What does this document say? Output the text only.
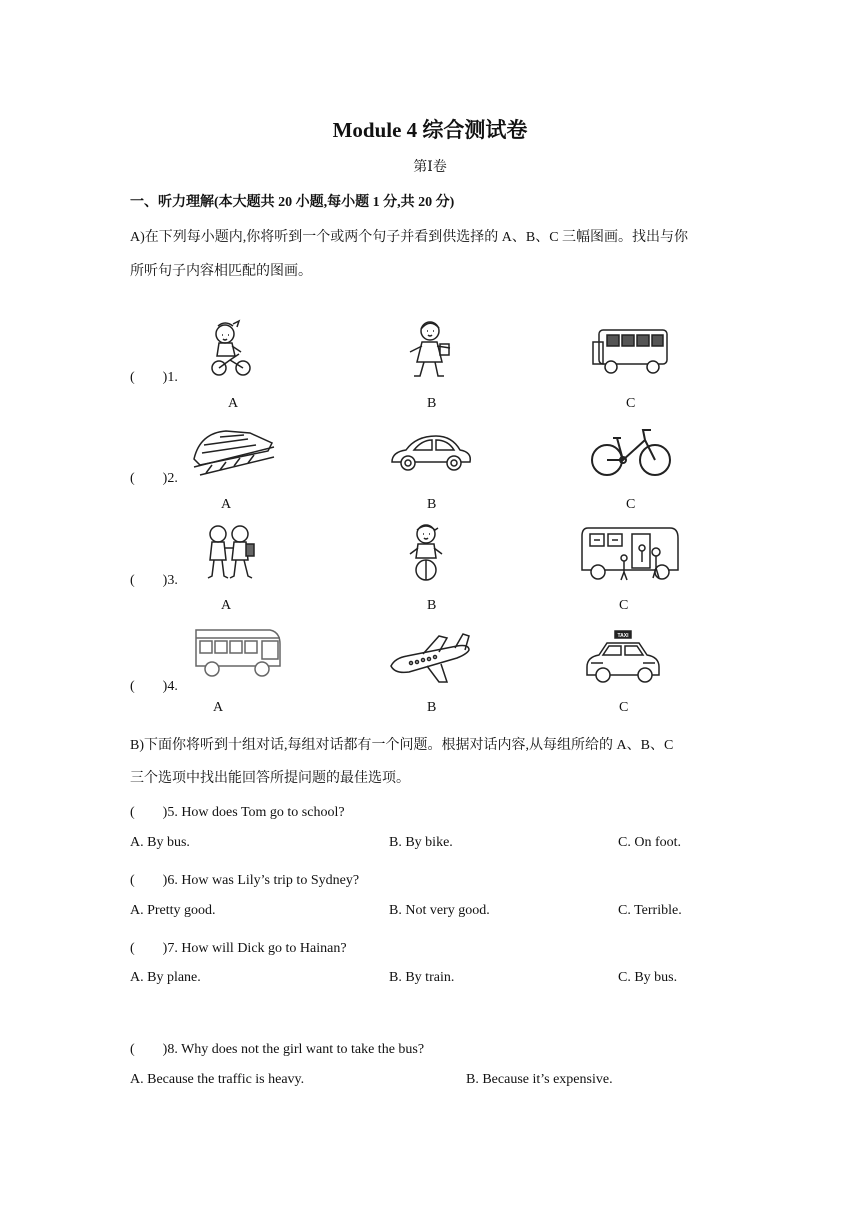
Module 4 综合测试卷
第Ⅰ卷
一、听力理解(本大题共 20 小题,每小题 1 分,共 20 分)
A)在下列每小题内,你将听到一个或两个句子并看到供选择的 A、B、C 三幅图画。找出与你
所听句子内容相匹配的图画。
(　　)1.
A	B	C
(　　)2.
A	B	C
(　　)3.
A	B	C
(　　)4.
TAXI
A	B	C
B)下面你将听到十组对话,每组对话都有一个问题。根据对话内容,从每组所给的 A、B、C
三个选项中找出能回答所提问题的最佳选项。
(　　)5. How does Tom go to school?
A. By bus.	B. By bike.	C. On foot.
(　　)6. How was Lily’s trip to Sydney?
A. Pretty good.	B. Not very good.	C. Terrible.
(　　)7. How will Dick go to Hainan?
A. By plane.	B. By train.	C. By bus.
(　　)8. Why does not the girl want to take the bus?
A. Because the traffic is heavy.	B. Because it’s expensive.
